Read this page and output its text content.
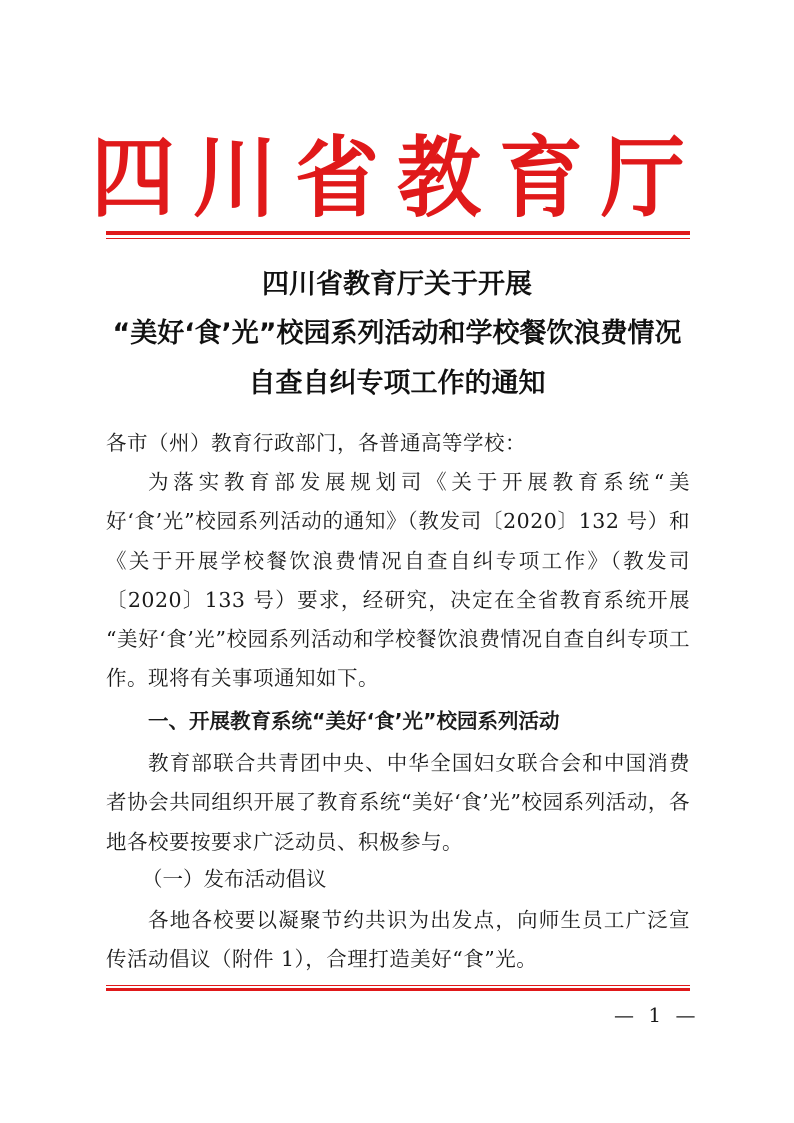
四川省教育厅
四川省教育厅关于开展
“美好‘食’光”校园系列活动和学校餐饮浪费情况
自查自纠专项工作的通知
各市（州）教育行政部门，各普通高等学校：
为落实教育部发展规划司《关于开展教育系统“美好‘食’光”校园系列活动的通知》（教发司〔2020〕132 号）和《关于开展学校餐饮浪费情况自查自纠专项工作》（教发司〔2020〕133 号）要求，经研究，决定在全省教育系统开展 “美好‘食’光”校园系列活动和学校餐饮浪费情况自查自纠专项工作。现将有关事项通知如下。
一、开展教育系统“美好‘食’光”校园系列活动
教育部联合共青团中央、中华全国妇女联合会和中国消费者协会共同组织开展了教育系统“美好‘食’光”校园系列活动，各地各校要按要求广泛动员、积极参与。
（一）发布活动倡议
各地各校要以凝聚节约共识为出发点，向师生员工广泛宣传活动倡议（附件 1），合理打造美好“食”光。
— 1 —
